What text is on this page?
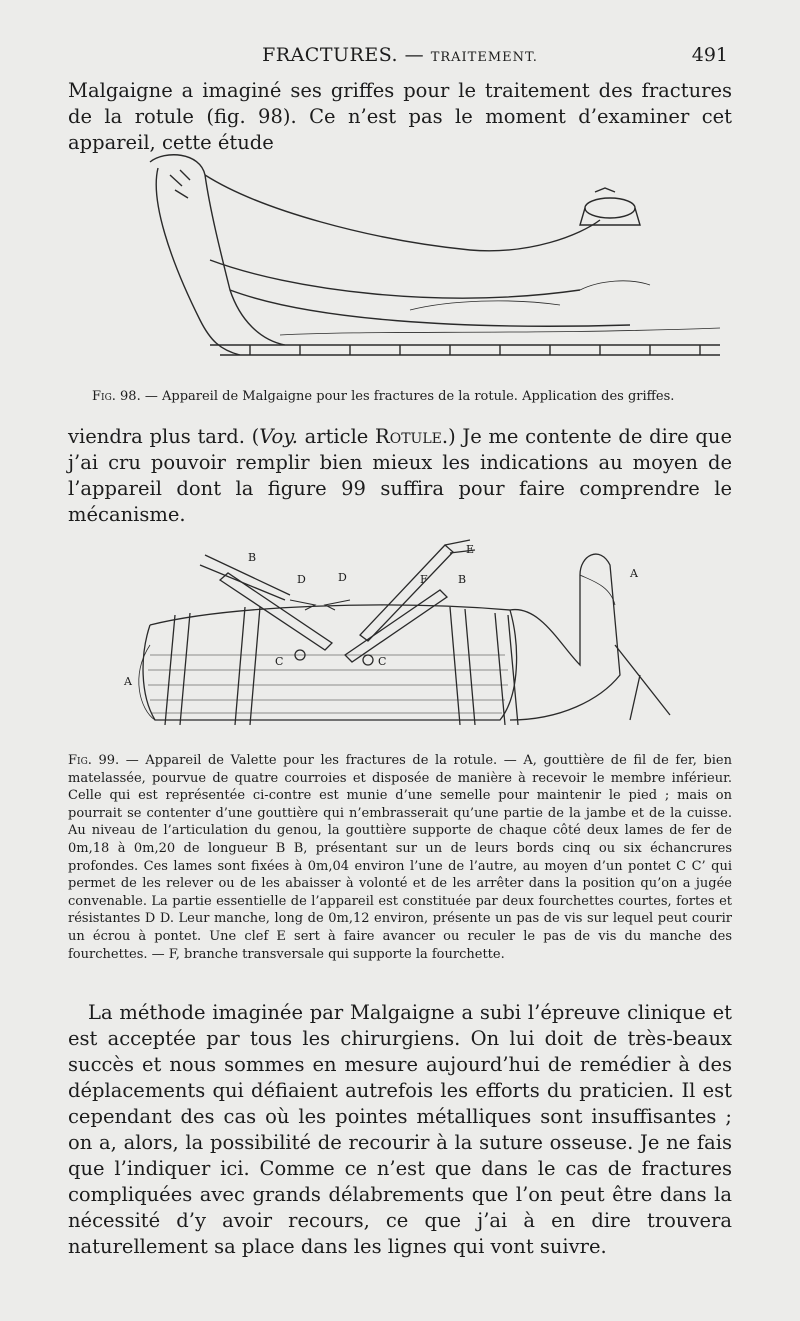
FRACTURES. — TRAITEMENT.	491

Malgaigne a imaginé ses griffes pour le traitement des fractures de la rotule (fig. 98). Ce n’est pas le moment d’examiner cet appareil, cette étude

Fig. 98. — Appareil de Malgaigne pour les fractures de la rotule. Application des griffes.

viendra plus tard. (Voy. article Rotule.) Je me contente de dire que j’ai cru pouvoir remplir bien mieux les indications au moyen de l’appareil dont la figure 99 suffira pour faire comprendre le mécanisme.

B
D	D
E
F	B	A
A
C	C

Fig. 99. — Appareil de Valette pour les fractures de la rotule. — A, gouttière de fil de fer, bien matelassée, pourvue de quatre courroies et disposée de manière à recevoir le membre inférieur. Celle qui est représentée ci-contre est munie d’une semelle pour maintenir le pied ; mais on pourrait se contenter d’une gouttière qui n’embrasserait qu’une partie de la jambe et de la cuisse. Au niveau de l’articulation du genou, la gouttière supporte de chaque côté deux lames de fer de 0m,18 à 0m,20 de longueur B B, présentant sur un de leurs bords cinq ou six échancrures profondes. Ces lames sont fixées à 0m,04 environ l’une de l’autre, au moyen d’un pontet C C’ qui permet de les relever ou de les abaisser à volonté et de les arrêter dans la position qu’on a jugée convenable. La partie essentielle de l’appareil est constituée par deux fourchettes courtes, fortes et résistantes D D. Leur manche, long de 0m,12 environ, présente un pas de vis sur lequel peut courir un écrou à pontet. Une clef E sert à faire avancer ou reculer le pas de vis du manche des fourchettes. — F, branche transversale qui supporte la fourchette.

La méthode imaginée par Malgaigne a subi l’épreuve clinique et est acceptée par tous les chirurgiens. On lui doit de très-beaux succès et nous sommes en mesure aujourd’hui de remédier à des déplacements qui défiaient autrefois les efforts du praticien. Il est cependant des cas où les pointes métalliques sont insuffisantes ; on a, alors, la possibilité de recourir à la suture osseuse. Je ne fais que l’indiquer ici. Comme ce n’est que dans le cas de fractures compliquées avec grands délabrements que l’on peut être dans la nécessité d’y avoir recours, ce que j’ai à en dire trouvera naturellement sa place dans les lignes qui vont suivre.
